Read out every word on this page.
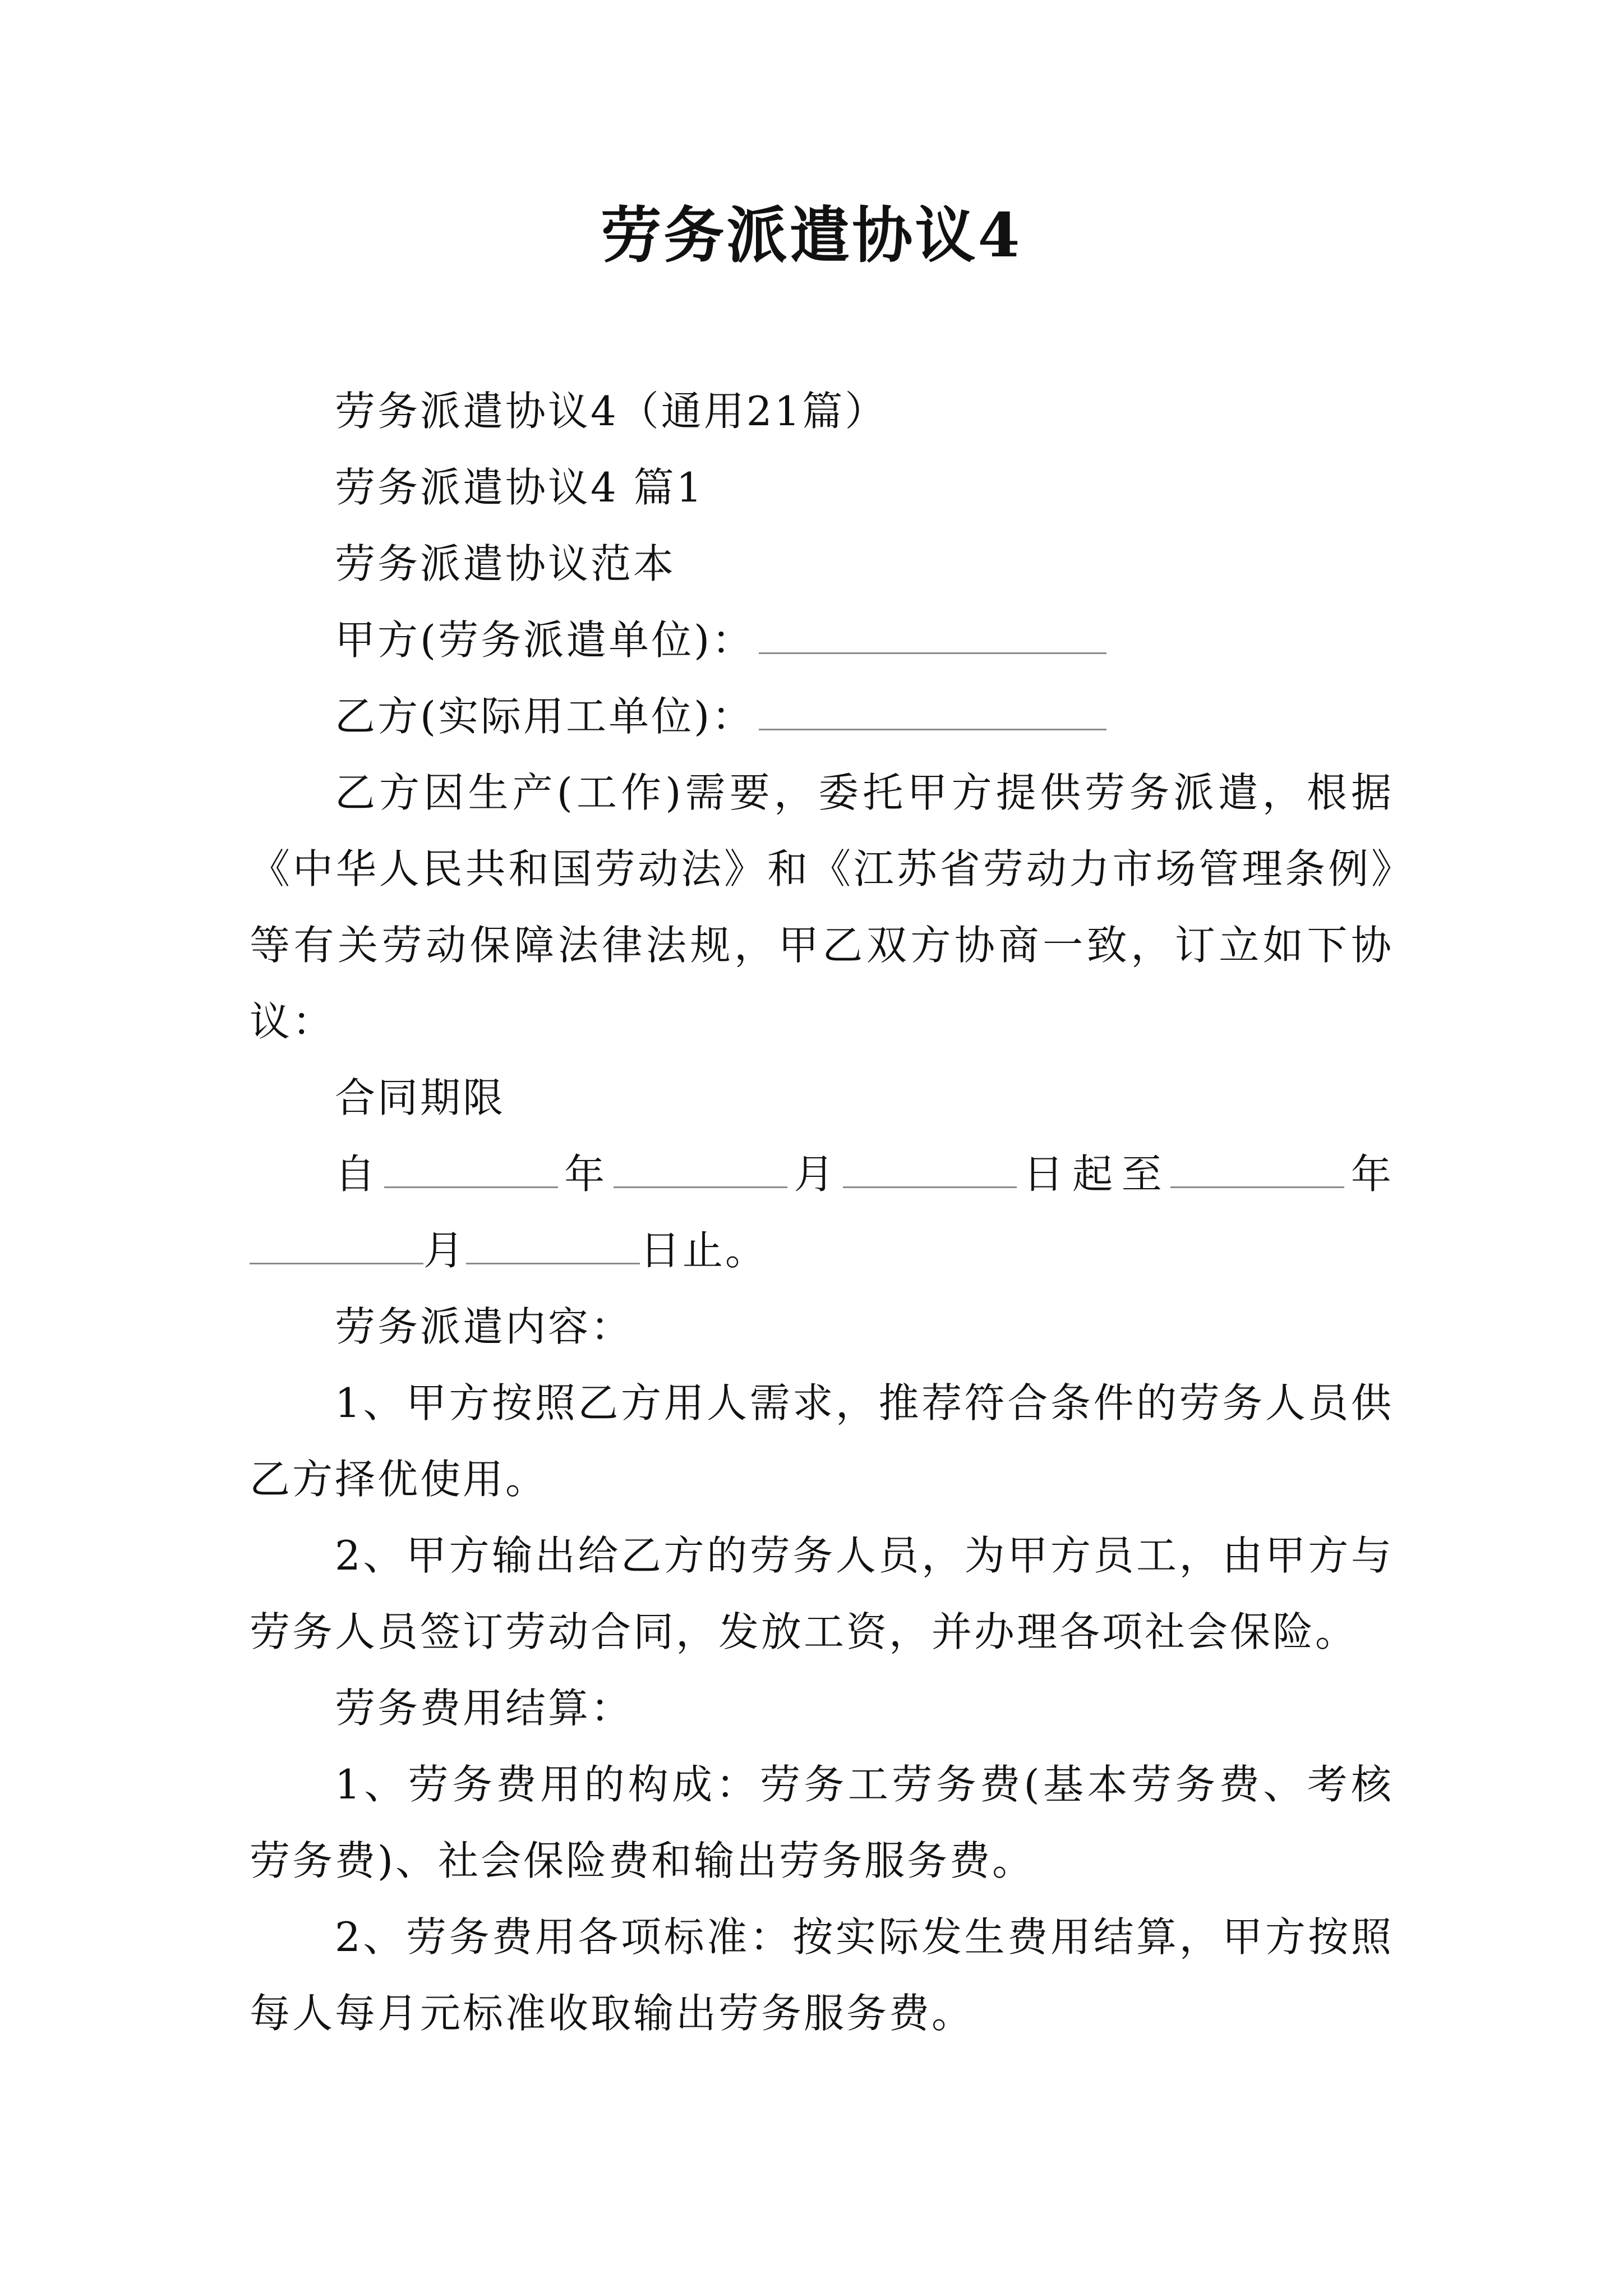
劳务派遣协议4

劳务派遣协议4（通用21篇）

劳务派遣协议4 篇1

劳务派遣协议范本

甲方(劳务派遣单位)：

乙方(实际用工单位)：

乙方因生产(工作)需要，委托甲方提供劳务派遣，根据《中华人民共和国劳动法》和《江苏省劳动力市场管理条例》等有关劳动保障法律法规，甲乙双方协商一致，订立如下协议：

合同期限

自	年	月	日起至	年月	日止。

劳务派遣内容：

1、甲方按照乙方用人需求，推荐符合条件的劳务人员供乙方择优使用。

2、甲方输出给乙方的劳务人员，为甲方员工，由甲方与劳务人员签订劳动合同，发放工资，并办理各项社会保险。

劳务费用结算：

1、劳务费用的构成：劳务工劳务费(基本劳务费、考核劳务费)、社会保险费和输出劳务服务费。

2、劳务费用各项标准：按实际发生费用结算，甲方按照每人每月元标准收取输出劳务服务费。
